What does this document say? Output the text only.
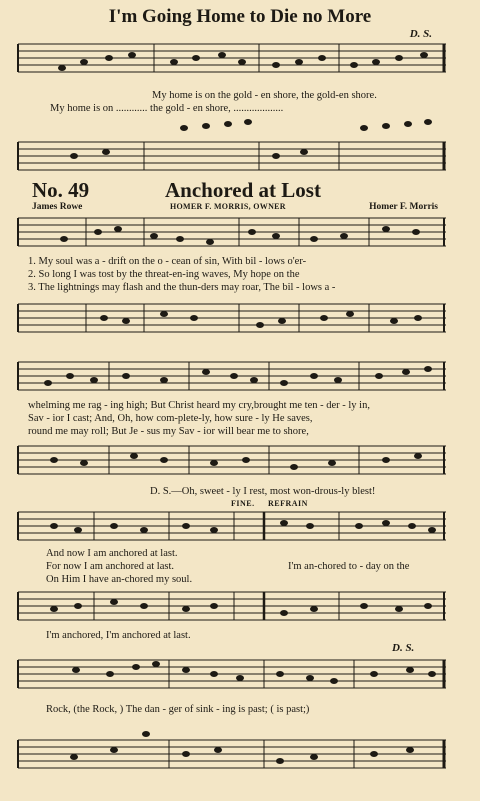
I'm Going Home to Die no More
D. S.
My home is on the gold - en shore, the gold-en shore.
My home is on ............ the gold - en shore, ...................
No. 49	Anchored at Lost
James Rowe	HOMER F. MORRIS, OWNER	Homer F. Morris
1. My soul was a - drift on the o - cean of sin, With bil - lows o'er-
2. So long I was tost by the threat-en-ing waves, My hope on the
3. The lightnings may flash and the thun-ders may roar, The bil - lows a -
whelming me rag - ing high; But Christ heard my cry,brought me ten - der - ly in,
Sav - ior I cast; And, Oh, how com-plete-ly, how sure - ly He saves,
round me may roll; But Je - sus my Sav - ior will bear me to shore,
D. S.—Oh, sweet - ly I rest, most won-drous-ly blest!
FINE. REFRAIN
And now I am anchored at last.
For now I am anchored at last.
On Him I have an-chored my soul.
I'm an-chored to - day on the
I'm anchored, I'm anchored at last.
D. S.
Rock, (the Rock, ) The dan - ger of sink - ing is past; ( is past;)
